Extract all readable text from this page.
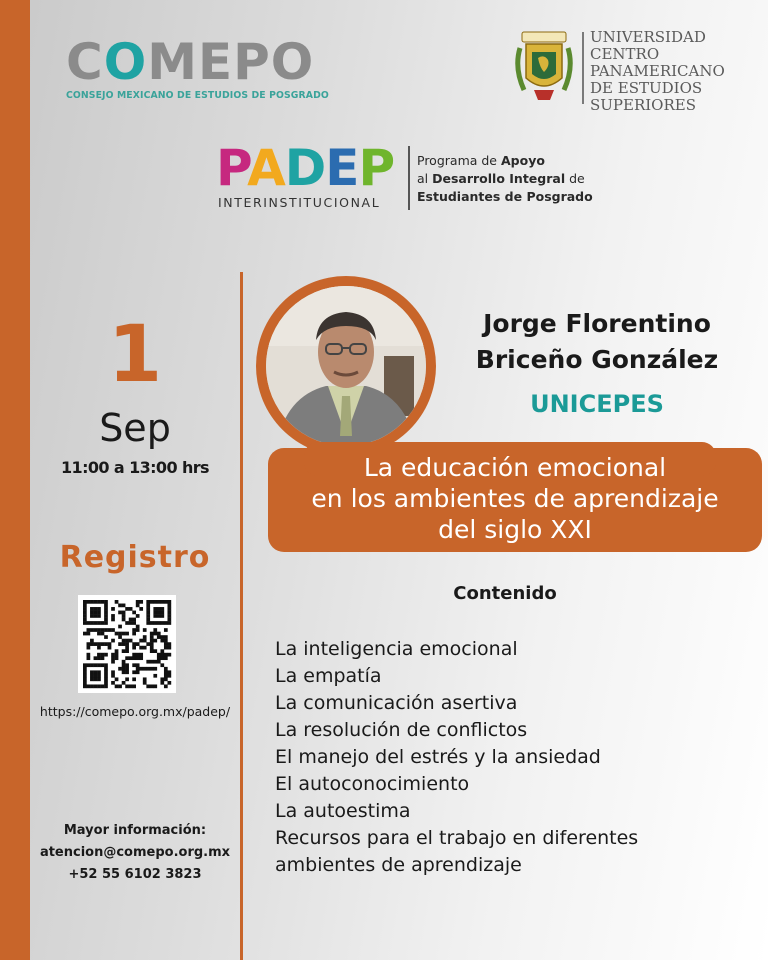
COMEPO
CONSEJO MEXICANO DE ESTUDIOS DE POSGRADO
UNIVERSIDAD
CENTRO
PANAMERICANO
DE ESTUDIOS
SUPERIORES
PADEP
INTERINSTITUCIONAL
Programa de Apoyo
al Desarrollo Integral de
Estudiantes de Posgrado
1
Sep
11:00 a 13:00 hrs
Registro
https://comepo.org.mx/padep/
Mayor información:
atencion@comepo.org.mx
+52 55 6102 3823
Jorge Florentino
Briceño González
UNICEPES
La educación emocional
en los ambientes de aprendizaje
del siglo XXI
Contenido
La inteligencia emocional
La empatía
La comunicación asertiva
La resolución de conflictos
El manejo del estrés y la ansiedad
El autoconocimiento
La autoestima
Recursos para el trabajo en diferentes
ambientes de aprendizaje
